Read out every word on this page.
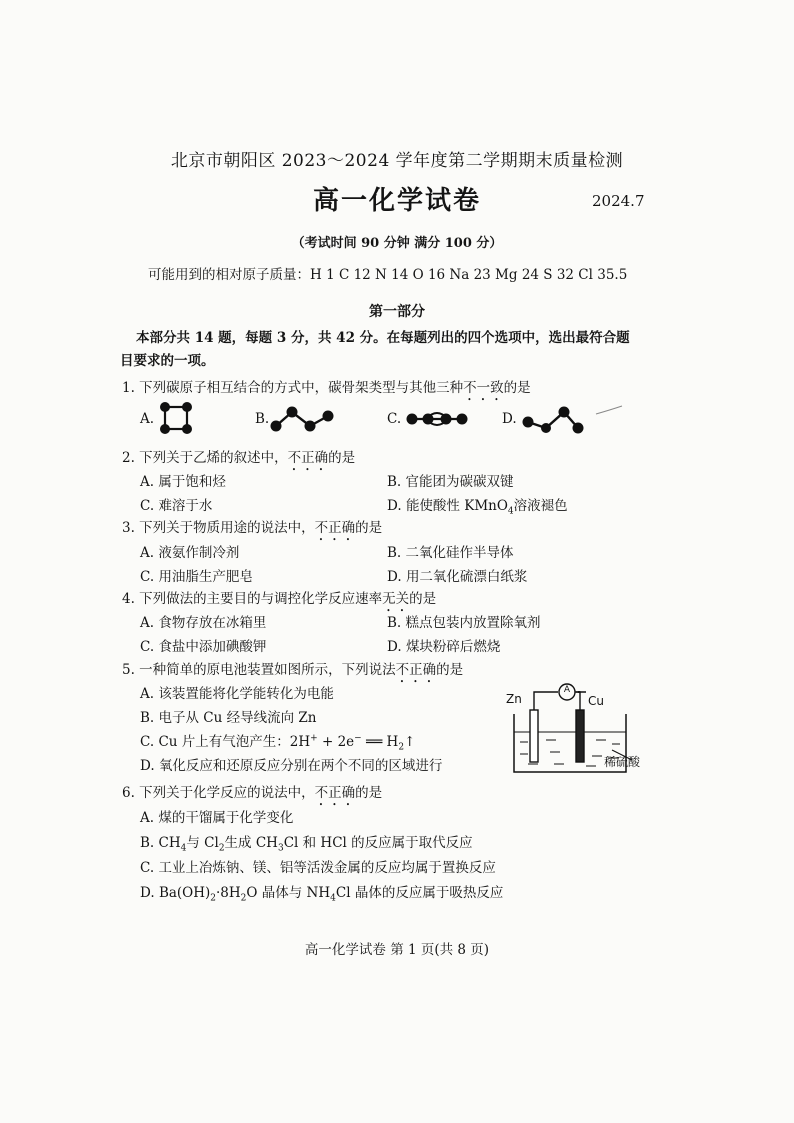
北京市朝阳区 2023～2024 学年度第二学期期末质量检测
高一化学试卷	2024.7
（考试时间 90 分钟 满分 100 分）
可能用到的相对原子质量：H 1 C 12 N 14 O 16 Na 23 Mg 24 S 32 Cl 35.5
第一部分
本部分共 14 题，每题 3 分，共 42 分。在每题列出的四个选项中，选出最符合题目要求的一项。
1. 下列碳原子相互结合的方式中，碳骨架类型与其他三种不一致的是
A.	B.	C.	D.
2. 下列关于乙烯的叙述中，不正确的是
A. 属于饱和烃	B. 官能团为碳碳双键
C. 难溶于水	D. 能使酸性 KMnO$_4$溶液褪色
3. 下列关于物质用途的说法中，不正确的是
A. 液氨作制冷剂	B. 二氧化硅作半导体
C. 用油脂生产肥皂	D. 用二氧化硫漂白纸浆
4. 下列做法的主要目的与调控化学反应速率无关的是
A. 食物存放在冰箱里	B. 糕点包装内放置除氧剂
C. 食盐中添加碘酸钾	D. 煤块粉碎后燃烧
5. 一种简单的原电池装置如图所示，下列说法不正确的是
A. 该装置能将化学能转化为电能
B. 电子从 Cu 经导线流向 Zn
C. Cu 片上有气泡产生：2H+ + 2e− ══ $H_2↑$
D. 氧化反应和还原反应分别在两个不同的区域进行
Zn	Cu
A
稀硫酸
6. 下列关于化学反应的说法中，不正确的是
A. 煤的干馏属于化学变化
B. $CH_4$与 $Cl_2$生成 $CH_3Cl$ 和 HCl 的反应属于取代反应
C. 工业上冶炼钠、镁、铝等活泼金属的反应均属于置换反应
D. $Ba(OH)_2\cdot 8H_2O$ 晶体与 $NH_4Cl$ 晶体的反应属于吸热反应
高一化学试卷 第 1 页(共 8 页)
